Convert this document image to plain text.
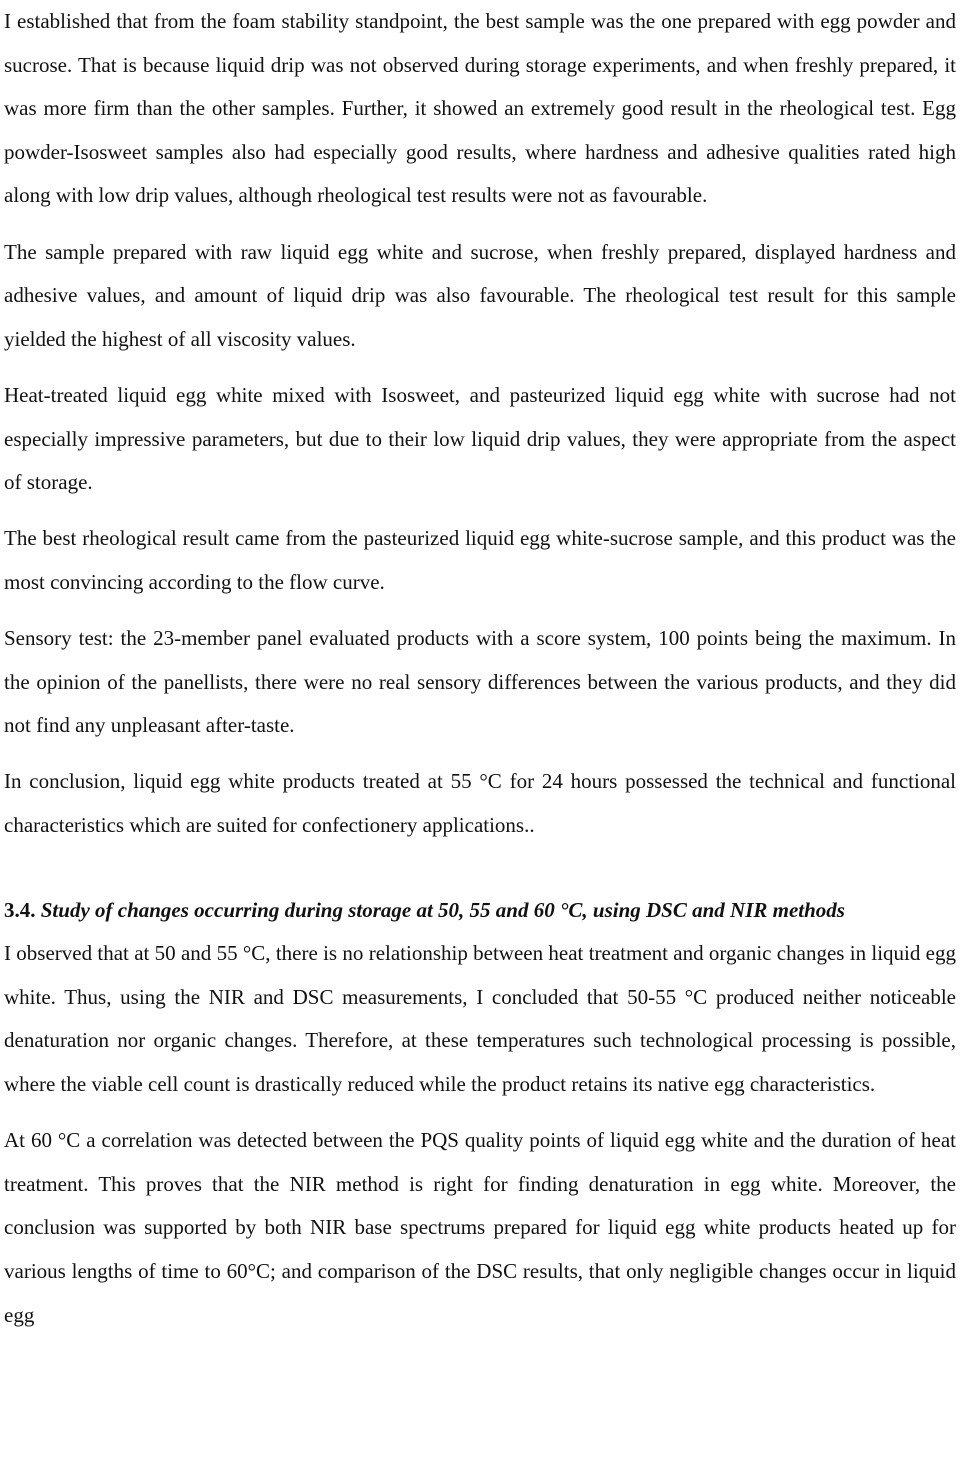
I established that from the foam stability standpoint, the best sample was the one prepared with egg powder and sucrose. That is because liquid drip was not observed during storage experiments, and when freshly prepared, it was more firm than the other samples. Further, it showed an extremely good result in the rheological test. Egg powder-Isosweet samples also had especially good results, where hardness and adhesive qualities rated high along with low drip values, although rheological test results were not as favourable.

The sample prepared with raw liquid egg white and sucrose, when freshly prepared, displayed hardness and adhesive values, and amount of liquid drip was also favourable. The rheological test result for this sample yielded the highest of all viscosity values.

Heat-treated liquid egg white mixed with Isosweet, and pasteurized liquid egg white with sucrose had not especially impressive parameters, but due to their low liquid drip values, they were appropriate from the aspect of storage.

The best rheological result came from the pasteurized liquid egg white-sucrose sample, and this product was the most convincing according to the flow curve.

Sensory test: the 23-member panel evaluated products with a score system, 100 points being the maximum. In the opinion of the panellists, there were no real sensory differences between the various products, and they did not find any unpleasant after-taste.

In conclusion, liquid egg white products treated at 55 °C for 24 hours possessed the technical and functional characteristics which are suited for confectionery applications..

3.4. Study of changes occurring during storage at 50, 55 and 60 °C, using DSC and NIR methods

I observed that at 50 and 55 °C, there is no relationship between heat treatment and organic changes in liquid egg white. Thus, using the NIR and DSC measurements, I concluded that 50-55 °C produced neither noticeable denaturation nor organic changes. Therefore, at these temperatures such technological processing is possible, where the viable cell count is drastically reduced while the product retains its native egg characteristics.

At 60 °C a correlation was detected between the PQS quality points of liquid egg white and the duration of heat treatment. This proves that the NIR method is right for finding denaturation in egg white. Moreover, the conclusion was supported by both NIR base spectrums prepared for liquid egg white products heated up for various lengths of time to 60°C; and comparison of the DSC results, that only negligible changes occur in liquid egg
